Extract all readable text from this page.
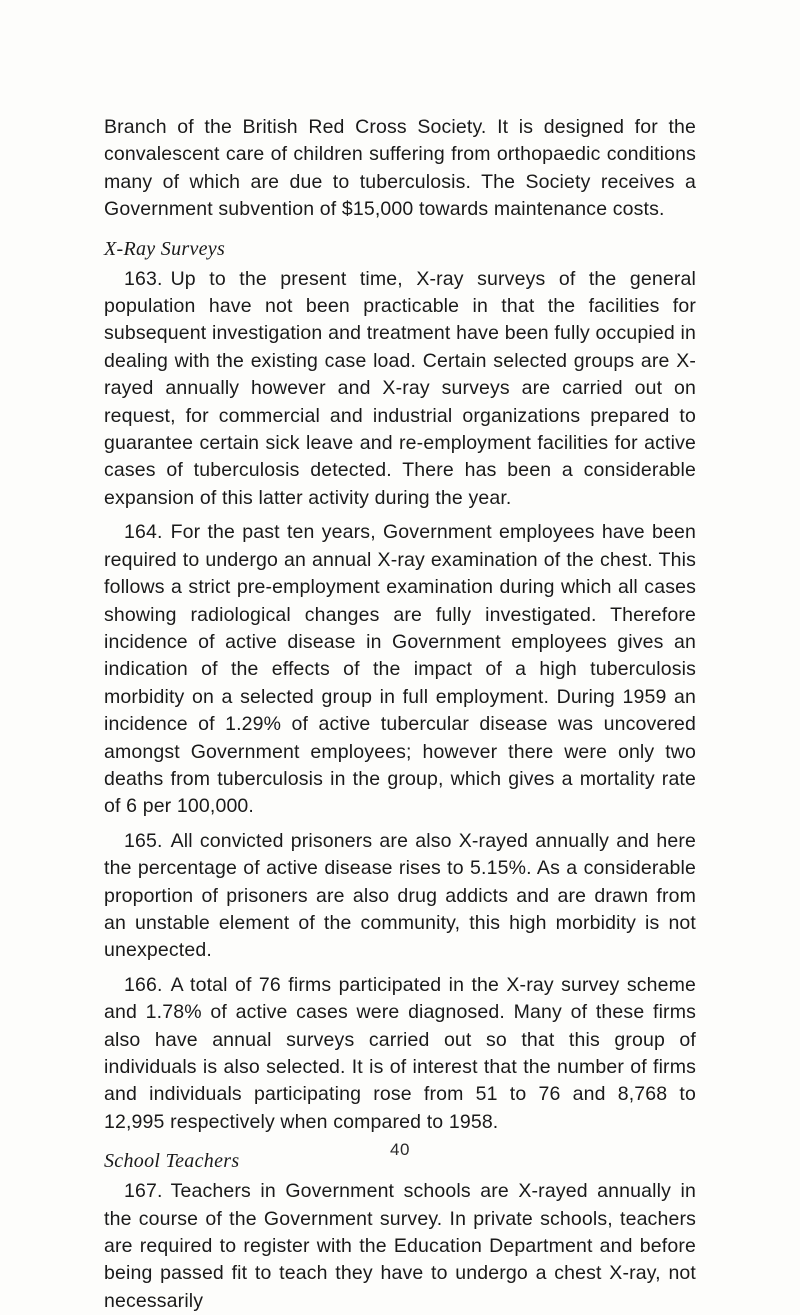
Branch of the British Red Cross Society. It is designed for the convalescent care of children suffering from orthopaedic conditions many of which are due to tuberculosis. The Society receives a Government subvention of $15,000 towards maintenance costs.

X-Ray Surveys

163. Up to the present time, X-ray surveys of the general population have not been practicable in that the facilities for subsequent investigation and treatment have been fully occupied in dealing with the existing case load. Certain selected groups are X-rayed annually however and X-ray surveys are carried out on request, for commercial and industrial organizations prepared to guarantee certain sick leave and re-employment facilities for active cases of tuberculosis detected. There has been a considerable expansion of this latter activity during the year.

164. For the past ten years, Government employees have been required to undergo an annual X-ray examination of the chest. This follows a strict pre-employment examination during which all cases showing radiological changes are fully investigated. Therefore incidence of active disease in Government employees gives an indication of the effects of the impact of a high tuberculosis morbidity on a selected group in full employment. During 1959 an incidence of 1.29% of active tubercular disease was uncovered amongst Government employees; however there were only two deaths from tuberculosis in the group, which gives a mortality rate of 6 per 100,000.

165. All convicted prisoners are also X-rayed annually and here the percentage of active disease rises to 5.15%. As a considerable proportion of prisoners are also drug addicts and are drawn from an unstable element of the community, this high morbidity is not unexpected.

166. A total of 76 firms participated in the X-ray survey scheme and 1.78% of active cases were diagnosed. Many of these firms also have annual surveys carried out so that this group of individuals is also selected. It is of interest that the number of firms and individuals participating rose from 51 to 76 and 8,768 to 12,995 respectively when compared to 1958.

School Teachers

167. Teachers in Government schools are X-rayed annually in the course of the Government survey. In private schools, teachers are required to register with the Education Department and before being passed fit to teach they have to undergo a chest X-ray, not necessarily

40
